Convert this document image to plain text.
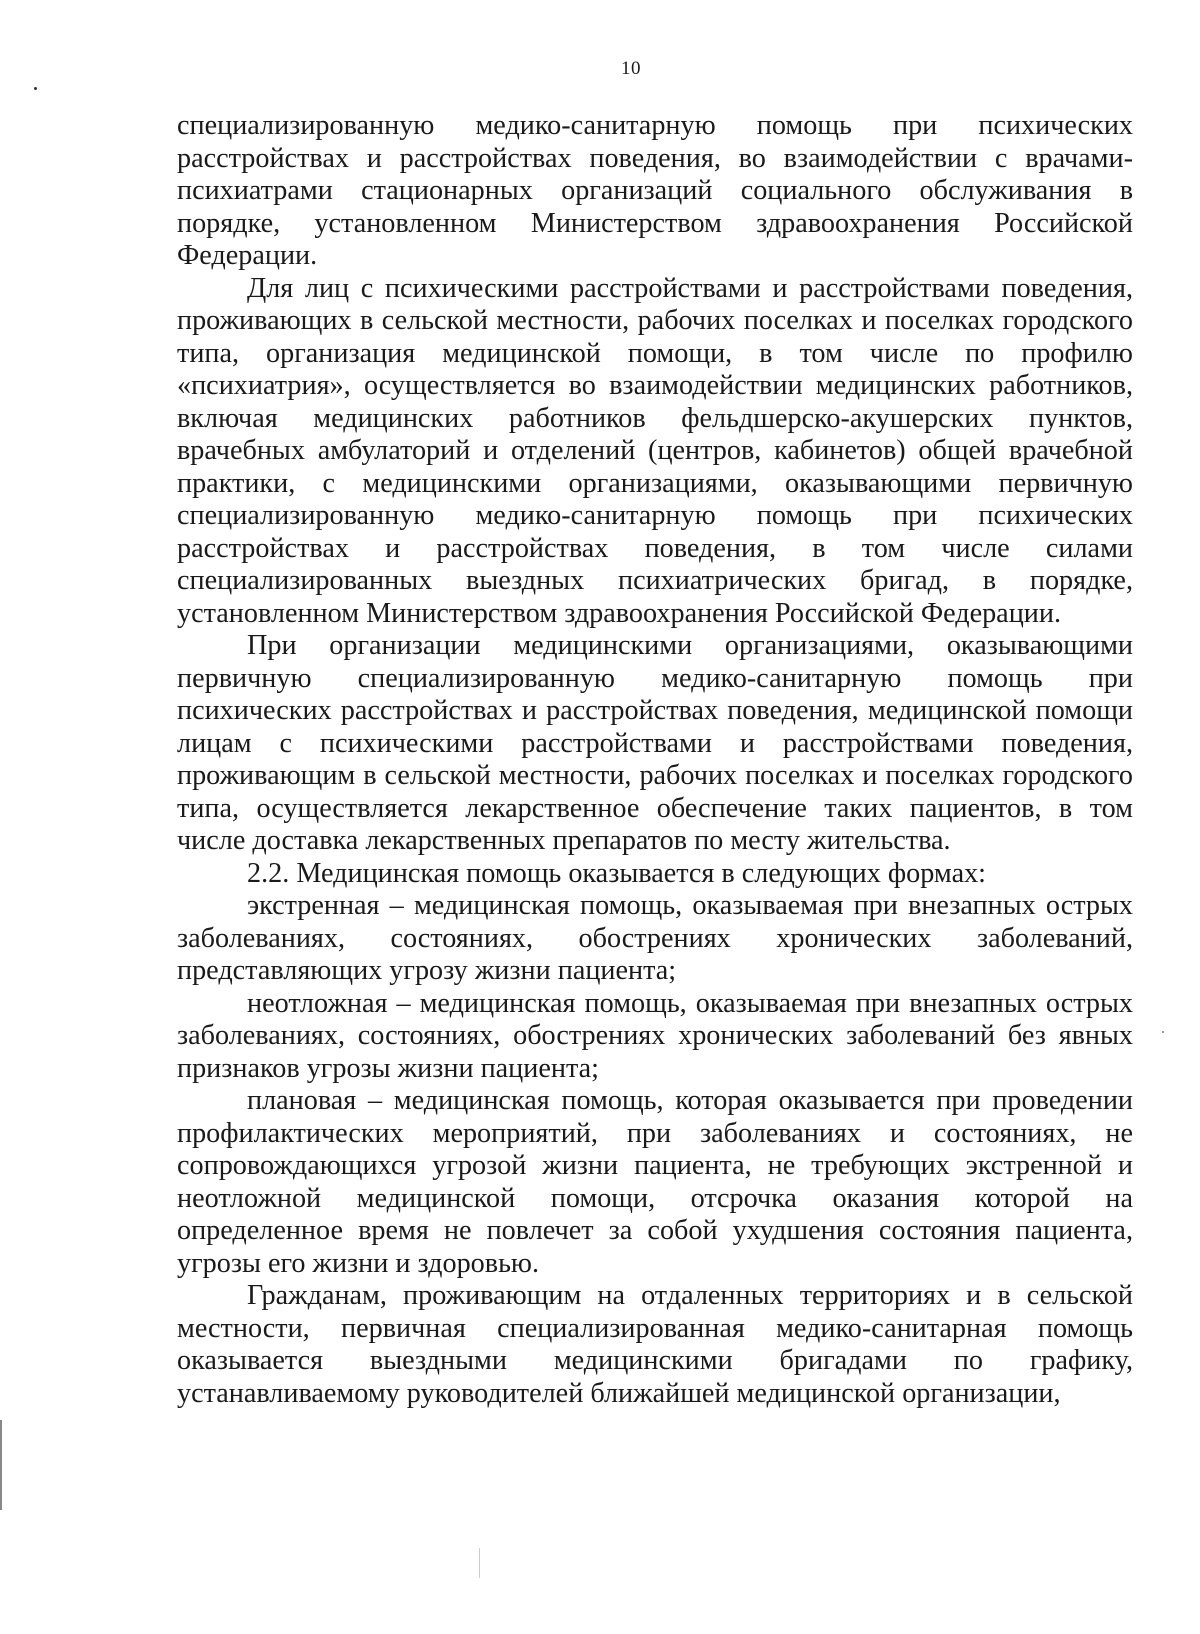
10

специализированную медико-санитарную помощь при психических расстройствах и расстройствах поведения, во взаимодействии с врачами-психиатрами стационарных организаций социального обслуживания в порядке, установленном Министерством здравоохранения Российской Федерации.

Для лиц с психическими расстройствами и расстройствами поведения, проживающих в сельской местности, рабочих поселках и поселках городского типа, организация медицинской помощи, в том числе по профилю «психиатрия», осуществляется во взаимодействии медицинских работников, включая медицинских работников фельдшерско-акушерских пунктов, врачебных амбулаторий и отделений (центров, кабинетов) общей врачебной практики, с медицинскими организациями, оказывающими первичную специализированную медико-санитарную помощь при психических расстройствах и расстройствах поведения, в том числе силами специализированных выездных психиатрических бригад, в порядке, установленном Министерством здравоохранения Российской Федерации.

При организации медицинскими организациями, оказывающими первичную специализированную медико-санитарную помощь при психических расстройствах и расстройствах поведения, медицинской помощи лицам с психическими расстройствами и расстройствами поведения, проживающим в сельской местности, рабочих поселках и поселках городского типа, осуществляется лекарственное обеспечение таких пациентов, в том числе доставка лекарственных препаратов по месту жительства.

2.2. Медицинская помощь оказывается в следующих формах:

экстренная – медицинская помощь, оказываемая при внезапных острых заболеваниях, состояниях, обострениях хронических заболеваний, представляющих угрозу жизни пациента;

неотложная – медицинская помощь, оказываемая при внезапных острых заболеваниях, состояниях, обострениях хронических заболеваний без явных признаков угрозы жизни пациента;

плановая – медицинская помощь, которая оказывается при проведении профилактических мероприятий, при заболеваниях и состояниях, не сопровождающихся угрозой жизни пациента, не требующих экстренной и неотложной медицинской помощи, отсрочка оказания которой на определенное время не повлечет за собой ухудшения состояния пациента, угрозы его жизни и здоровью.

Гражданам, проживающим на отдаленных территориях и в сельской местности, первичная специализированная медико-санитарная помощь оказывается выездными медицинскими бригадами по графику, устанавливаемому руководителей ближайшей медицинской организации,
